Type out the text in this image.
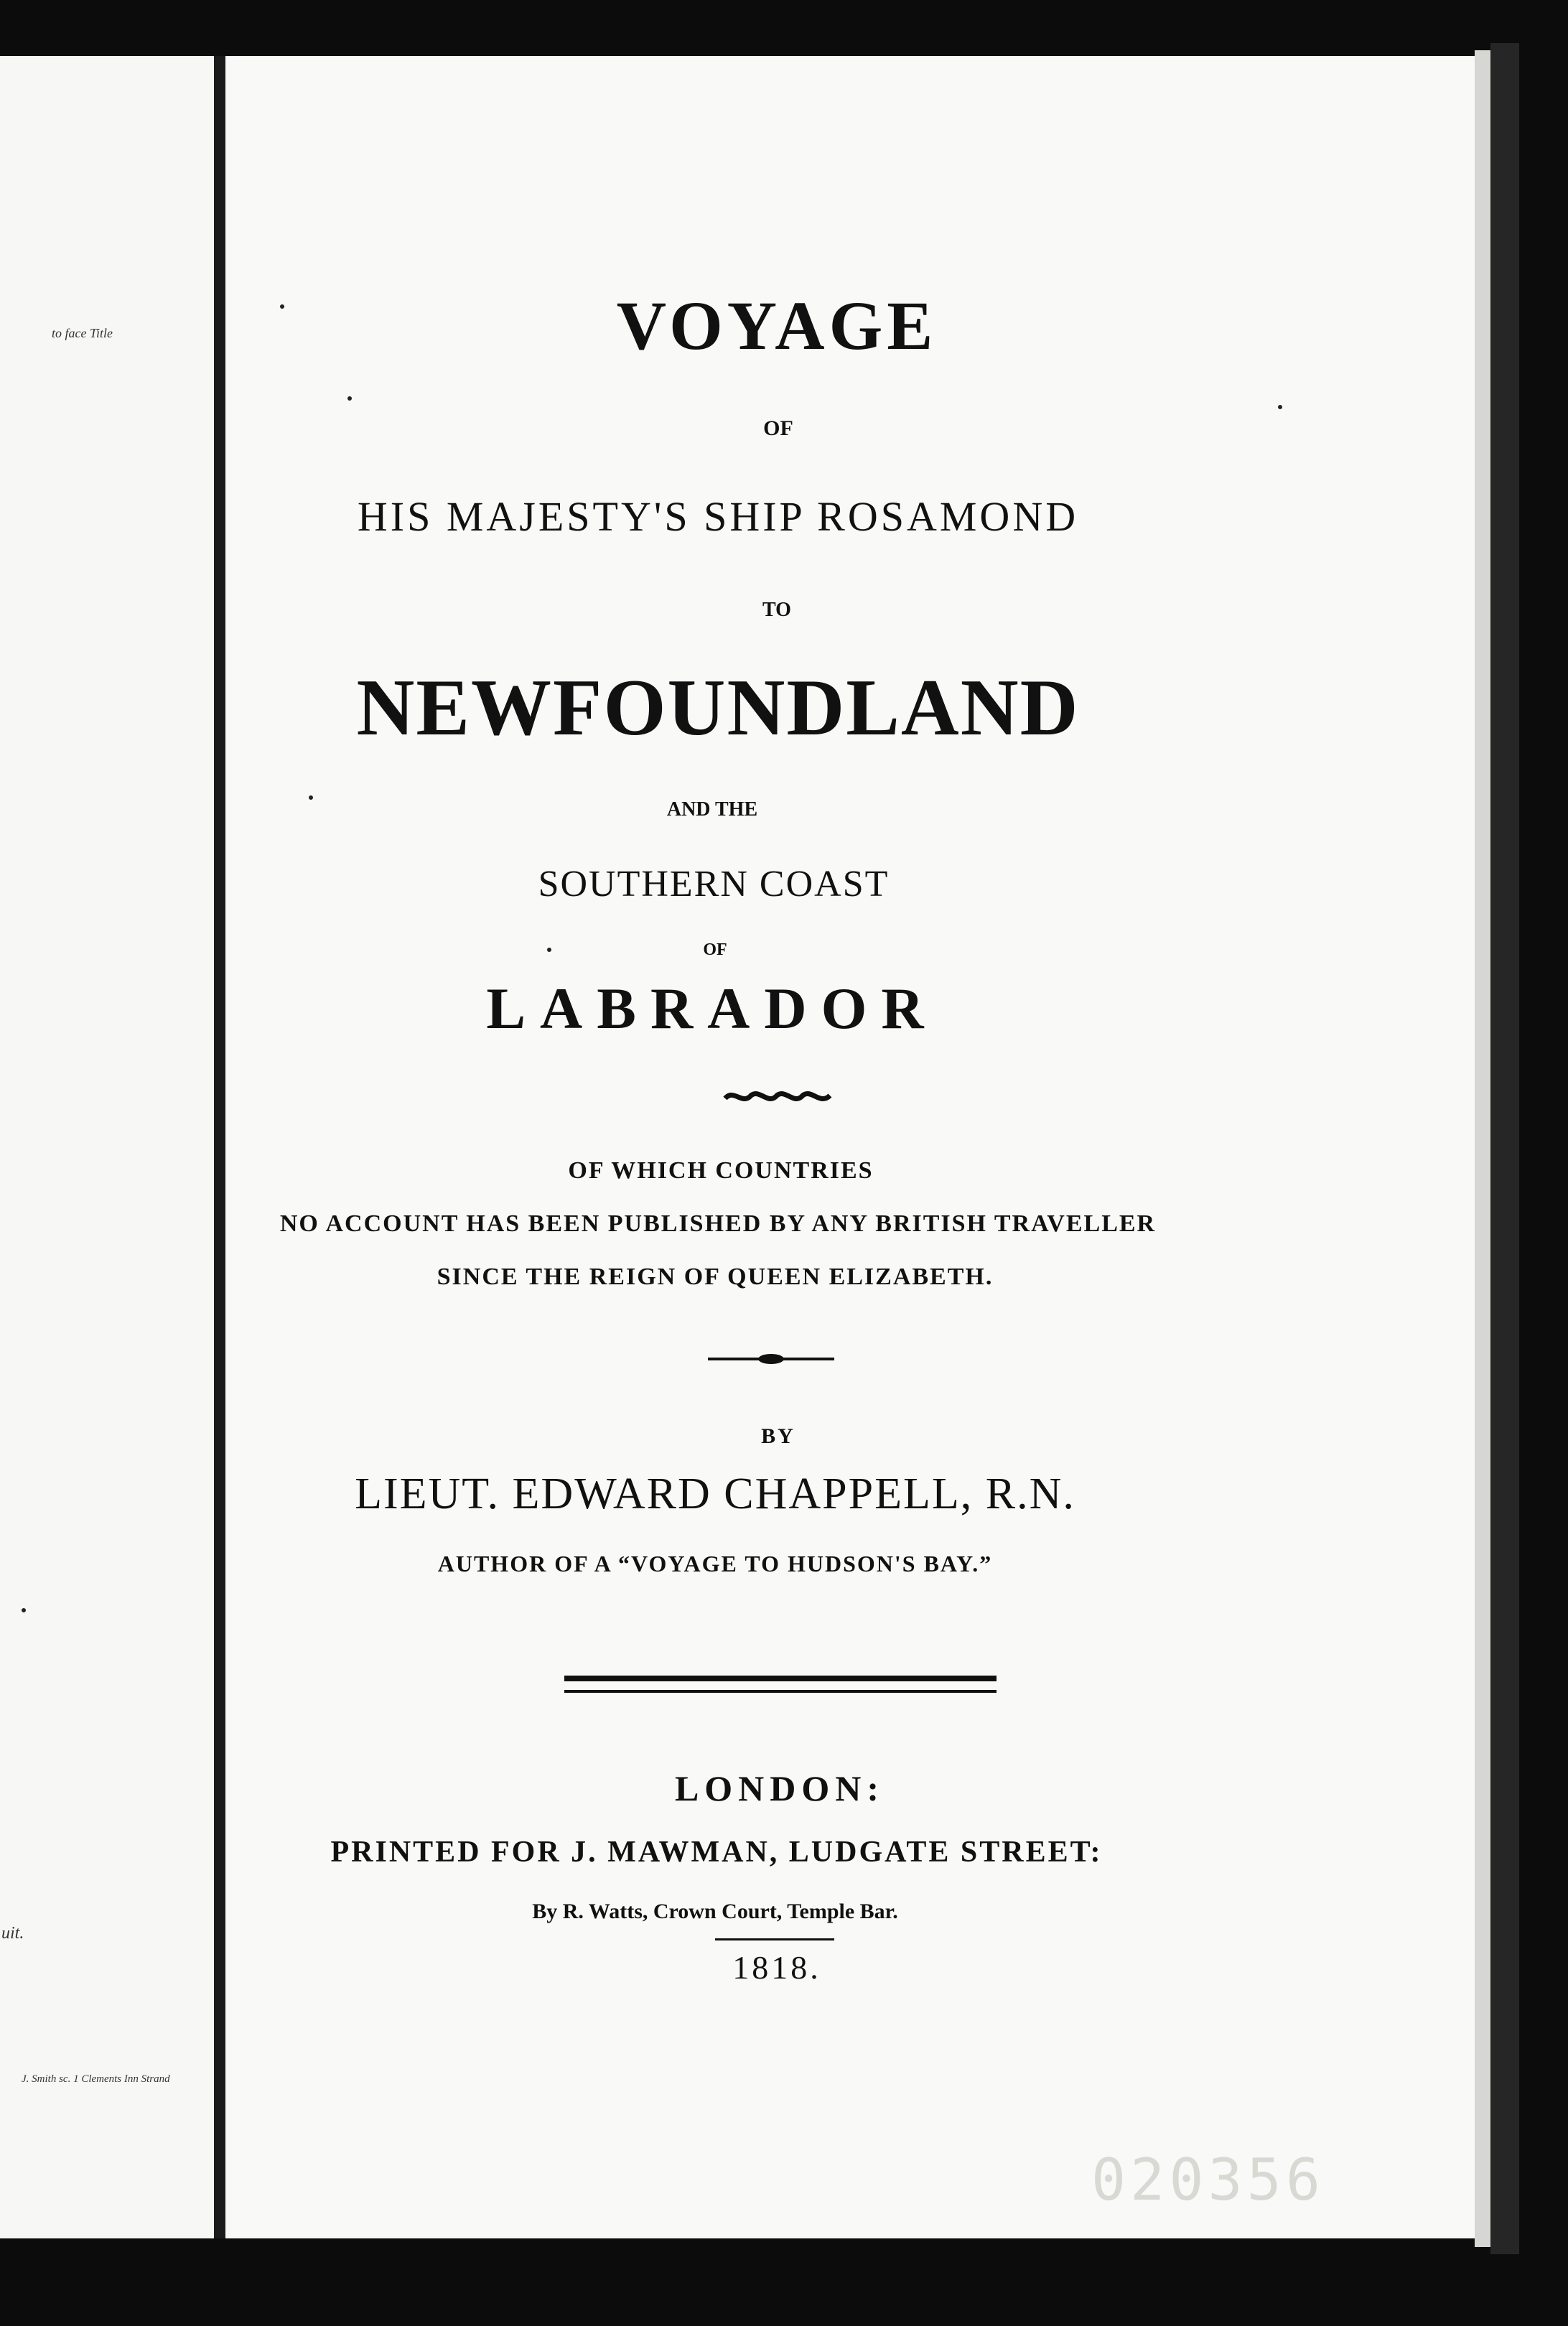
to face Title
uit.
J. Smith sc. 1 Clements Inn Strand
VOYAGE
OF
HIS MAJESTY'S SHIP ROSAMOND
TO
NEWFOUNDLAND
AND THE
SOUTHERN COAST
OF
LABRADOR
OF WHICH COUNTRIES
NO ACCOUNT HAS BEEN PUBLISHED BY ANY BRITISH TRAVELLER
SINCE THE REIGN OF QUEEN ELIZABETH.
BY
LIEUT. EDWARD CHAPPELL, R.N.
AUTHOR OF A “VOYAGE TO HUDSON'S BAY.”
LONDON:
PRINTED FOR J. MAWMAN, LUDGATE STREET:
By R. Watts, Crown Court, Temple Bar.
1818.
020356
